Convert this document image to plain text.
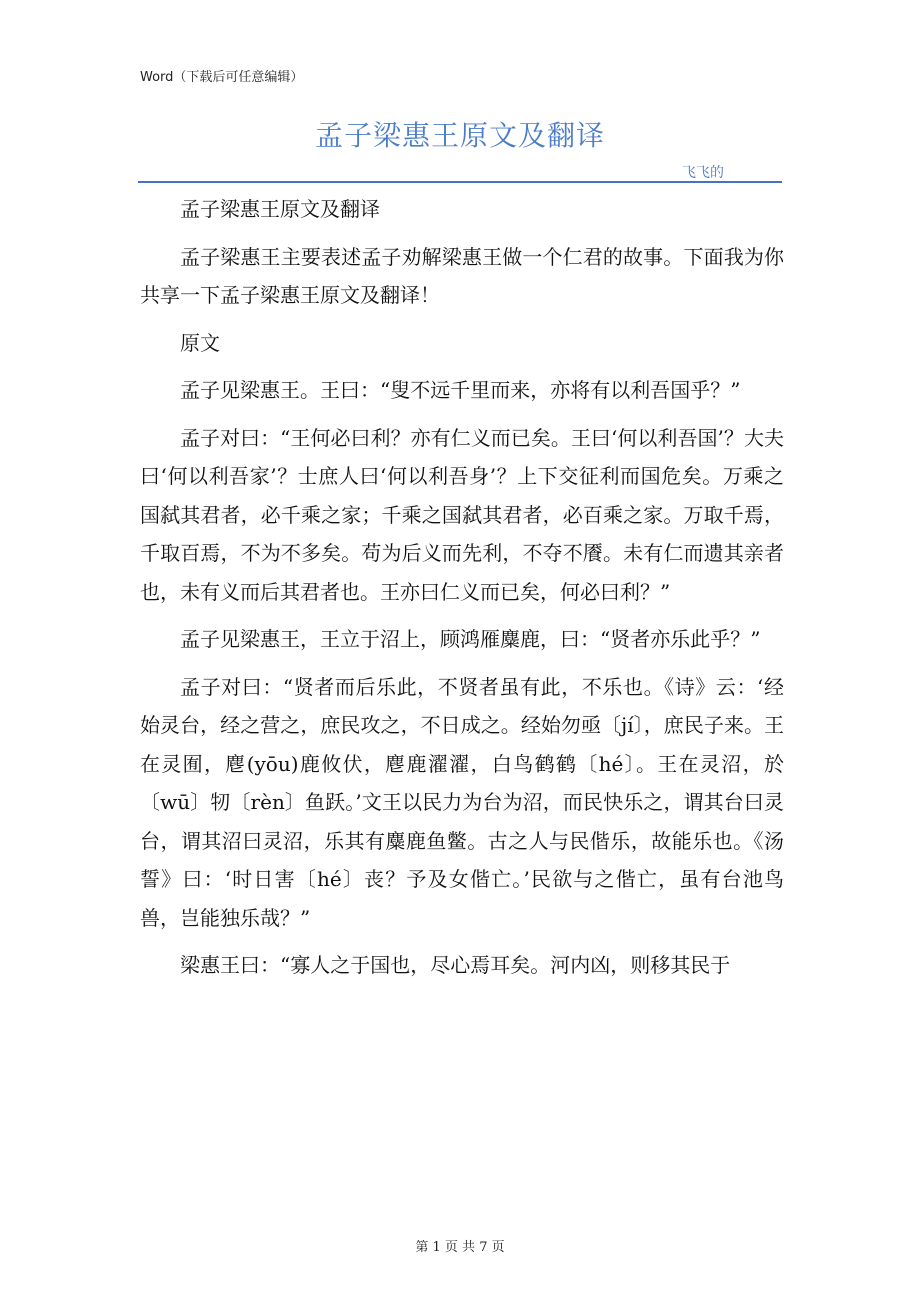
Word（下载后可任意编辑）
孟子梁惠王原文及翻译
飞飞的

孟子梁惠王原文及翻译

孟子梁惠王主要表述孟子劝解梁惠王做一个仁君的故事。下面我为你共享一下孟子梁惠王原文及翻译！

原文

孟子见梁惠王。王曰：“叟不远千里而来，亦将有以利吾国乎？”

孟子对曰：“王何必曰利？亦有仁义而已矣。王曰‘何以利吾国’？大夫曰‘何以利吾家’？士庶人曰‘何以利吾身’？上下交征利而国危矣。万乘之国弑其君者，必千乘之家；千乘之国弑其君者，必百乘之家。万取千焉，千取百焉，不为不多矣。苟为后义而先利，不夺不餍。未有仁而遗其亲者也，未有义而后其君者也。王亦曰仁义而已矣，何必曰利？”

孟子见梁惠王，王立于沼上，顾鸿雁麋鹿，曰：“贤者亦乐此乎？”

孟子对曰：“贤者而后乐此，不贤者虽有此，不乐也。《诗》云：‘经始灵台，经之营之，庶民攻之，不日成之。经始勿亟〔jí〕，庶民子来。王在灵囿，麀(yōu)鹿攸伏，麀鹿濯濯，白鸟鹤鹤〔hé〕。王在灵沼，於〔wū〕牣〔rèn〕鱼跃。’文王以民力为台为沼，而民快乐之，谓其台曰灵台，谓其沼曰灵沼，乐其有麋鹿鱼鳖。古之人与民偕乐，故能乐也。《汤誓》曰：‘时日害〔hé〕丧？予及女偕亡。’民欲与之偕亡，虽有台池鸟兽，岂能独乐哉？”

梁惠王曰：“寡人之于国也，尽心焉耳矣。河内凶，则移其民于

第 1 页 共 7 页
